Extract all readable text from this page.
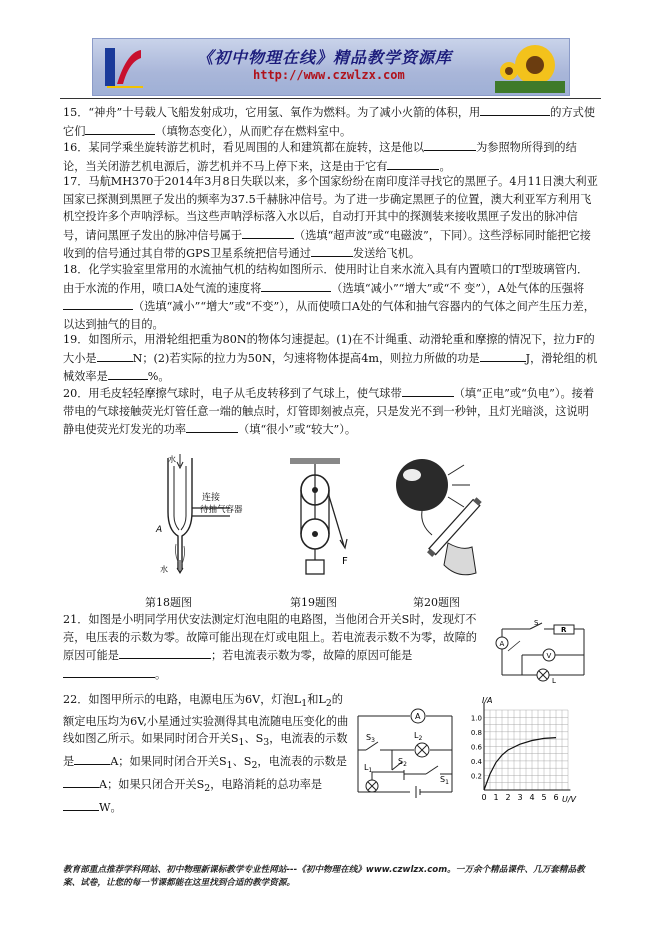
《初中物理在线》精品教学资源库
http://www.czwlzx.com
15．“神舟”十号载人飞船发射成功，它用氢、氧作为燃料。为了减小火箭的体积，用	的方式使它们	（填物态变化），从而贮存在燃料室中。
16．某同学乘坐旋转游艺机时，看见周围的人和建筑都在旋转，这是他以	为参照物所得到的结论，当关闭游艺机电源后，游艺机并不马上停下来，这是由于它有	。
17．马航MH370于2014年3月8日失联以来，多个国家纷纷在南印度洋寻找它的黑匣子。4月11日澳大利亚国家已探测到黑匣子发出的频率为37.5千赫脉冲信号。为了进一步确定黑匣子的位置，澳大利亚军方利用飞机空投许多个声呐浮标。当这些声呐浮标落入水以后，自动打开其中的探测装来接收黑匣子发出的脉冲信号，请问黑匣子发出的脉冲信号属于	（选填“超声波”或“电磁波”，下同）。这些浮标同时能把它接收到的信号通过其自带的GPS卫星系统把信号通过	发送给飞机。
18．化学实验室里常用的水流抽气机的结构如图所示．使用时让自来水流入具有内置喷口的T型玻璃管内．由于水流的作用，喷口A处气流的速度将	（选填“减小”“增大”或“不 变”），A处气体的压强将（选填“减小”“增大”或“不变”），从而使喷口A处的气体和抽气容器内的气体之间产生压力差，以达到抽气的目的。
19．如图所示，用滑轮组把重为80N的物体匀速提起。(1)在不计绳重、动滑轮重和摩擦的情况下，拉力F的大小是	N；(2)若实际的拉力为50N，匀速将物体提高4m，则拉力所做的功是	J，滑轮组的机械效率是	%。
20．用毛皮轻轻摩擦气球时，电子从毛皮转移到了气球上，使气球带	（填“正电”或“负电”）。接着带电的气球接触荧光灯管任意一端的触点时，灯管即刻被点亮，只是发光不到一秒钟，且灯光暗淡，这说明静电使荧光灯发光的功率	（填“很小”或“较大”）。
水
A
连接
待抽气容器
水
第18题图
F
第19题图	第20题图
21．如图是小明同学用伏安法测定灯泡电阻的电路图，当他闭合开关S时，发现灯不亮，电压表的示数为零。故障可能出现在灯或电阻上。若电流表示数不为零，故障的原因可能是	；若电流表示数为零，故障的原因可能是。
A
S
R
V
L
22．如图甲所示的电路，电源电压为6V，灯泡$L_1$和$L_2$的额定电压均为6V,小星通过实验测得其电流随电压变化的曲线如图乙所示。如果同时闭合开关$S_1$、$S_3$，电流表的示数是	A；如果同时闭合开关$S_1$、$S_2$，电流表的示数是A；如果只闭合开关$S_2$，电路消耗的总功率是W。
A
$S_3$
$L_2$
$L_1$
$S_2$
$S_1$
1.0
0.8
0.6
0.4
0.2
0 1 2 3 4 5 6
I/A
U/V
教育部重点推荐学科网站、初中物理新课标教学专业性网站---《初中物理在线》www.czwlzx.com。一万余个精品课件、几万套精品教案、试卷，让您的每一节课都能在这里找到合适的教学资源。
